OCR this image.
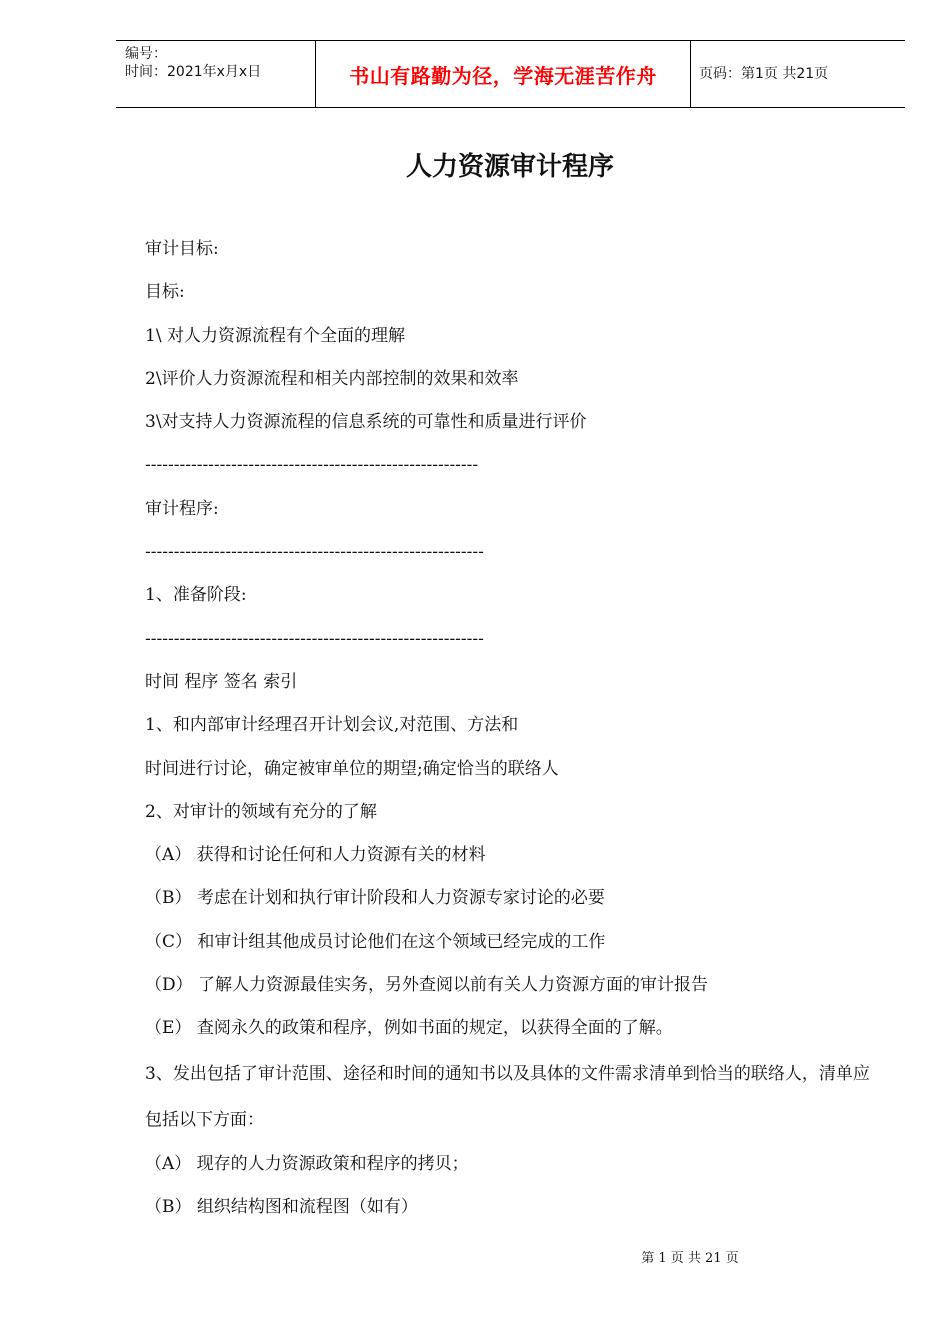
编号：
时间：2021年x月x日	书山有路勤为径，学海无涯苦作舟	页码：第1页 共21页
人力资源审计程序
审计目标:
目标:
1\ 对人力资源流程有个全面的理解
2\评价人力资源流程和相关内部控制的效果和效率
3\对支持人力资源流程的信息系统的可靠性和质量进行评价
----------------------------------------------------------
审计程序:
-----------------------------------------------------------
1、准备阶段:
-----------------------------------------------------------
时间 程序 签名 索引
1、和内部审计经理召开计划会议,对范围、方法和
时间进行讨论，确定被审单位的期望;确定恰当的联络人
2、对审计的领域有充分的了解
（A） 获得和讨论任何和人力资源有关的材料
（B） 考虑在计划和执行审计阶段和人力资源专家讨论的必要
（C） 和审计组其他成员讨论他们在这个领域已经完成的工作
（D） 了解人力资源最佳实务，另外查阅以前有关人力资源方面的审计报告
（E） 查阅永久的政策和程序，例如书面的规定，以获得全面的了解。
3、发出包括了审计范围、途径和时间的通知书以及具体的文件需求清单到恰当的联络人，清单应包括以下方面：
（A） 现存的人力资源政策和程序的拷贝；
（B） 组织结构图和流程图（如有）
第 1 页 共 21 页
